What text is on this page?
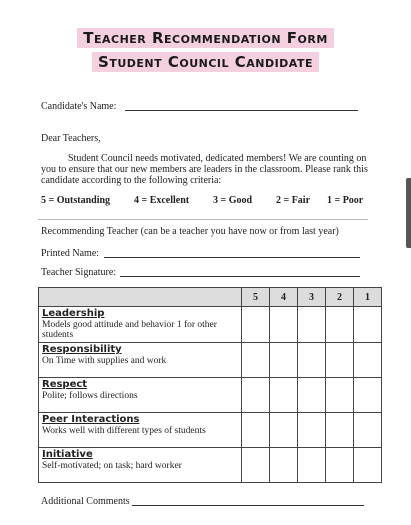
Teacher Recommendation Form
Student Council Candidate
Candidate's Name:
Dear Teachers,
Student Council needs motivated, dedicated members! We are counting on you to ensure that our new members are leaders in the classroom. Please rank this candidate according to the following criteria:
5 = Outstanding 4 = Excellent 3 = Good 2 = Fair 1 = Poor
Recommending Teacher (can be a teacher you have now or from last year)
Printed Name:
Teacher Signature:
	5	4	3	2	1

Leadership
Models good attitude and behavior 1 for other students					

Responsibility
On Time with supplies and work					

Respect
Polite; follows directions					

Peer Interactions
Works well with different types of students					

Initiative
Self-motivated; on task; hard worker					
Additional Comments
